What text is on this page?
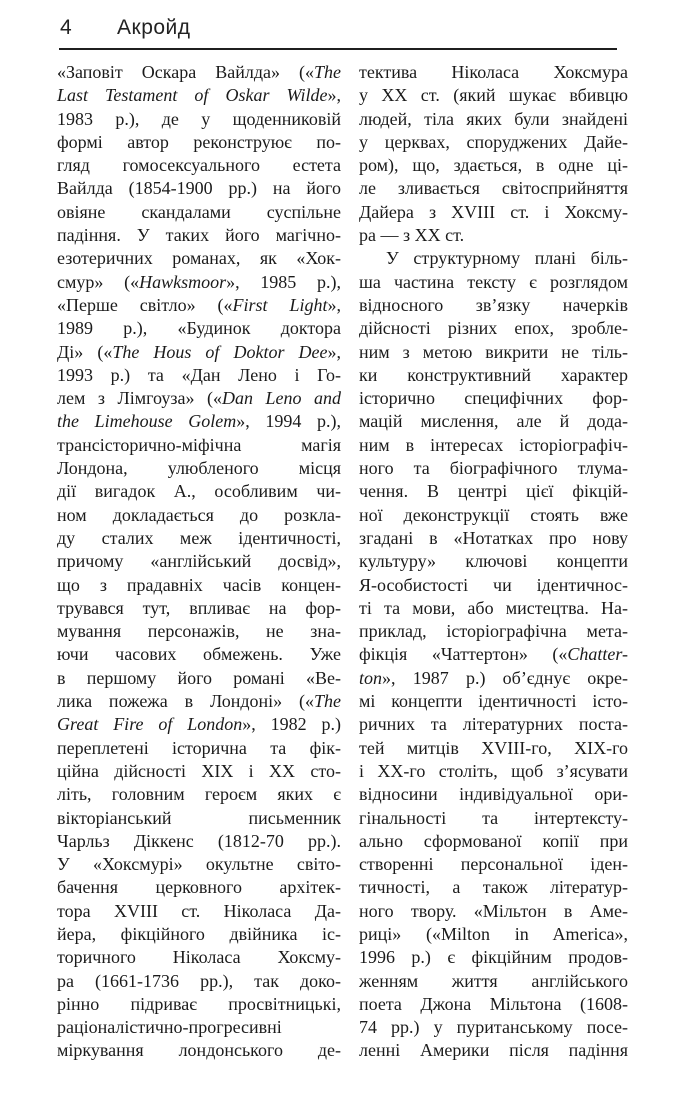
4	Акройд
«Заповіт Оскара Вайлда» («The
Last Testament of Oskar Wilde»,
1983 р.), де у щоденниковій
формі автор реконструює по-
гляд гомосексуального естета
Вайлда (1854-1900 рр.) на його
овіяне скандалами суспільне
падіння. У таких його магічно-
езотеричних романах, як «Хок-
смур» («Hawksmoor», 1985 р.),
«Перше світло» («First Light»,
1989 р.), «Будинок доктора
Ді» («The Hous of Doktor Dee»,
1993 р.) та «Дан Лено і Го-
лем з Лімгоуза» («Dan Leno and
the Limehouse Golem», 1994 р.),
трансісторично-міфічна магія
Лондона, улюбленого місця
дії вигадок А., особливим чи-
ном докладається до розкла-
ду сталих меж ідентичності,
причому «англійський досвід»,
що з прадавніх часів концен-
трувався тут, впливає на фор-
мування персонажів, не зна-
ючи часових обмежень. Уже
в першому його романі «Ве-
лика пожежа в Лондоні» («The
Great Fire of London», 1982 р.)
переплетені історична та фік-
ційна дійсності XIX і XX сто-
літь, головним героєм яких є
вікторіанський письменник
Чарльз Діккенс (1812-70 рр.).
У «Хоксмурі» окультне світо-
бачення церковного архітек-
тора XVIII ст. Ніколаса Да-
йера, фікційного двійника іс-
торичного Ніколаса Хоксму-
ра (1661-1736 рр.), так доко-
рінно підриває просвітницькі,
раціоналістично-прогресивні
міркування лондонського де-
тектива Ніколаса Хоксмура
у XX ст. (який шукає вбивцю
людей, тіла яких були знайдені
у церквах, споруджених Дайе-
ром), що, здається, в одне ці-
ле зливається світосприйняття
Дайера з XVIII ст. і Хоксму-
ра — з XX ст.
У структурному плані біль-
ша частина тексту є розглядом
відносного зв’язку начерків
дійсності різних епох, зробле-
ним з метою викрити не тіль-
ки конструктивний характер
історично специфічних фор-
мацій мислення, але й дода-
ним в інтересах історіографіч-
ного та біографічного тлума-
чення. В центрі цієї фікцій-
ної деконструкції стоять вже
згадані в «Нотатках про нову
культуру» ключові концепти
Я-особистості чи ідентичнос-
ті та мови, або мистецтва. На-
приклад, історіографічна мета-
фікція «Чаттертон» («Chatter-
ton», 1987 р.) об’єднує окре-
мі концепти ідентичності істо-
ричних та літературних поста-
тей митців XVIII-го, XIX-го
і XX-го століть, щоб з’ясувати
відносини індивідуальної ори-
гінальності та інтертексту-
ально сформованої копії при
створенні персональної іден-
тичності, а також літератур-
ного твору. «Мільтон в Аме-
риці» («Milton in America»,
1996 р.) є фікційним продов-
женням життя англійського
поета Джона Мільтона (1608-
74 рр.) у пуританському посе-
ленні Америки після падіння
